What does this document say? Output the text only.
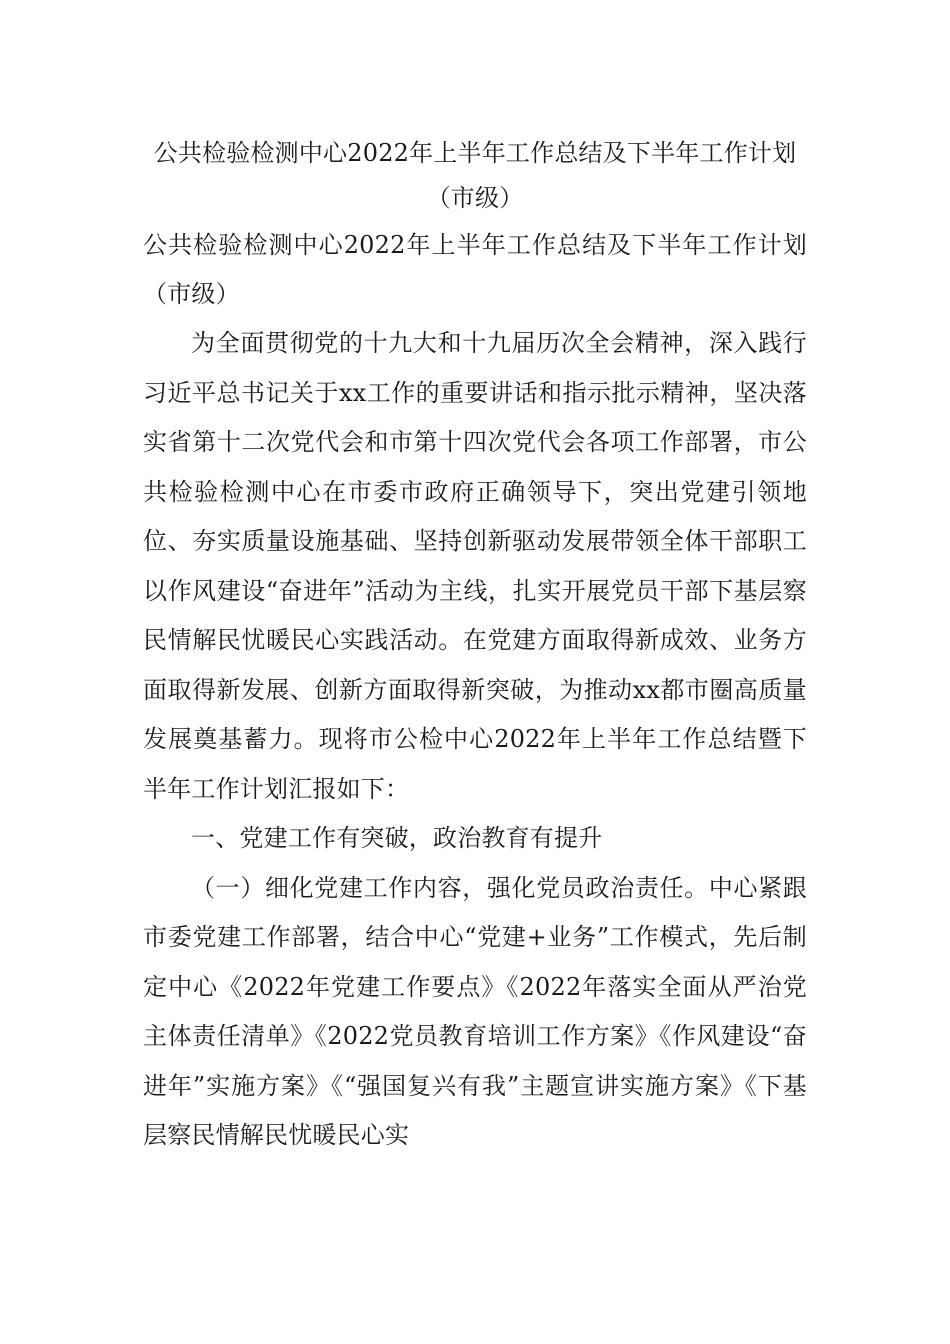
公共检验检测中心2022年上半年工作总结及下半年工作计划（市级）

公共检验检测中心2022年上半年工作总结及下半年工作计划（市级）

为全面贯彻党的十九大和十九届历次全会精神，深入践行习近平总书记关于xx工作的重要讲话和指示批示精神，坚决落实省第十二次党代会和市第十四次党代会各项工作部署，市公共检验检测中心在市委市政府正确领导下，突出党建引领地位、夯实质量设施基础、坚持创新驱动发展带领全体干部职工以作风建设“奋进年”活动为主线，扎实开展党员干部下基层察民情解民忧暖民心实践活动。在党建方面取得新成效、业务方面取得新发展、创新方面取得新突破，为推动xx都市圈高质量发展奠基蓄力。现将市公检中心2022年上半年工作总结暨下半年工作计划汇报如下：

一、党建工作有突破，政治教育有提升

（一）细化党建工作内容，强化党员政治责任。中心紧跟市委党建工作部署，结合中心“党建+业务”工作模式，先后制定中心《2022年党建工作要点》《2022年落实全面从严治党主体责任清单》《2022党员教育培训工作方案》《作风建设“奋进年”实施方案》《“强国复兴有我”主题宣讲实施方案》《下基层察民情解民忧暖民心实
